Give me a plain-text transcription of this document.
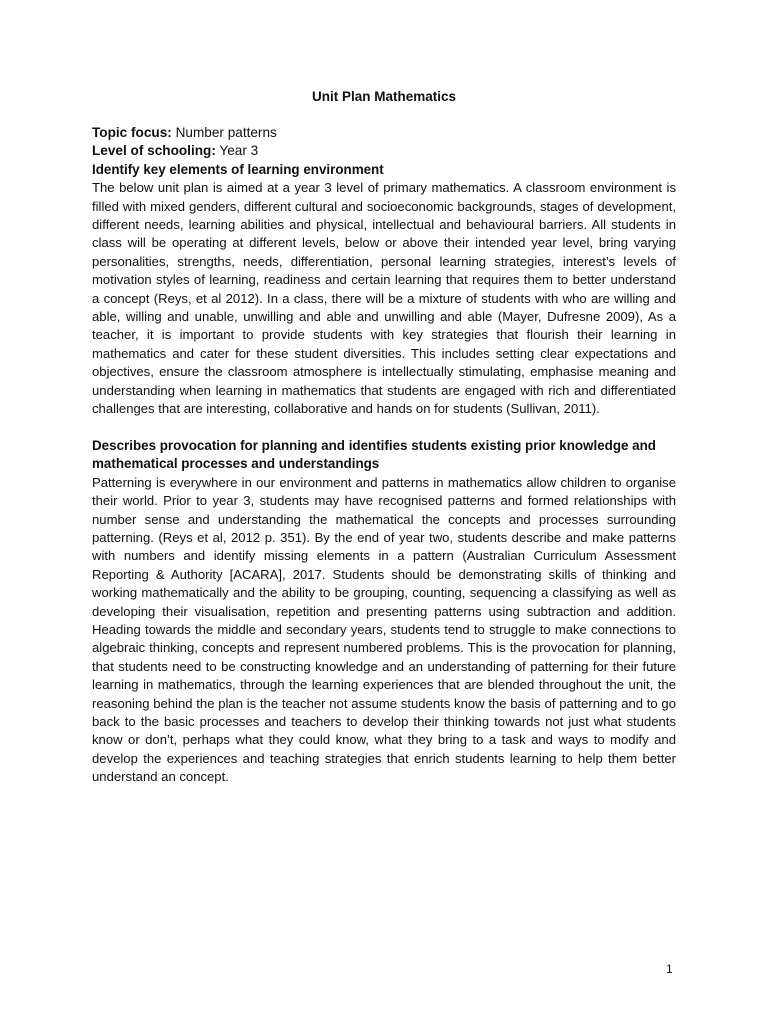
Unit Plan Mathematics

Topic focus: Number patterns

Level of schooling: Year 3

Identify key elements of learning environment

The below unit plan is aimed at a year 3 level of primary mathematics. A classroom environment is filled with mixed genders, different cultural and socioeconomic backgrounds, stages of development, different needs, learning abilities and physical, intellectual and behavioural barriers. All students in class will be operating at different levels, below or above their intended year level, bring varying personalities, strengths, needs, differentiation, personal learning strategies, interest’s levels of motivation styles of learning, readiness and certain learning that requires them to better understand a concept (Reys, et al 2012). In a class, there will be a mixture of students with who are willing and able, willing and unable, unwilling and able and unwilling and able (Mayer, Dufresne 2009), As a teacher, it is important to provide students with key strategies that flourish their learning in mathematics and cater for these student diversities. This includes setting clear expectations and objectives, ensure the classroom atmosphere is intellectually stimulating, emphasise meaning and understanding when learning in mathematics that students are engaged with rich and differentiated challenges that are interesting, collaborative and hands on for students (Sullivan, 2011).

Describes provocation for planning and identifies students existing prior knowledge and mathematical processes and understandings

Patterning is everywhere in our environment and patterns in mathematics allow children to organise their world. Prior to year 3, students may have recognised patterns and formed relationships with number sense and understanding the mathematical the concepts and processes surrounding patterning. (Reys et al, 2012 p. 351). By the end of year two, students describe and make patterns with numbers and identify missing elements in a pattern (Australian Curriculum Assessment Reporting & Authority [ACARA], 2017. Students should be demonstrating skills of thinking and working mathematically and the ability to be grouping, counting, sequencing a classifying as well as developing their visualisation, repetition and presenting patterns using subtraction and addition. Heading towards the middle and secondary years, students tend to struggle to make connections to algebraic thinking, concepts and represent numbered problems. This is the provocation for planning, that students need to be constructing knowledge and an understanding of patterning for their future learning in mathematics, through the learning experiences that are blended throughout the unit, the reasoning behind the plan is the teacher not assume students know the basis of patterning and to go back to the basic processes and teachers to develop their thinking towards not just what students know or don’t, perhaps what they could know, what they bring to a task and ways to modify and develop the experiences and teaching strategies that enrich students learning to help them better understand an concept.

1
